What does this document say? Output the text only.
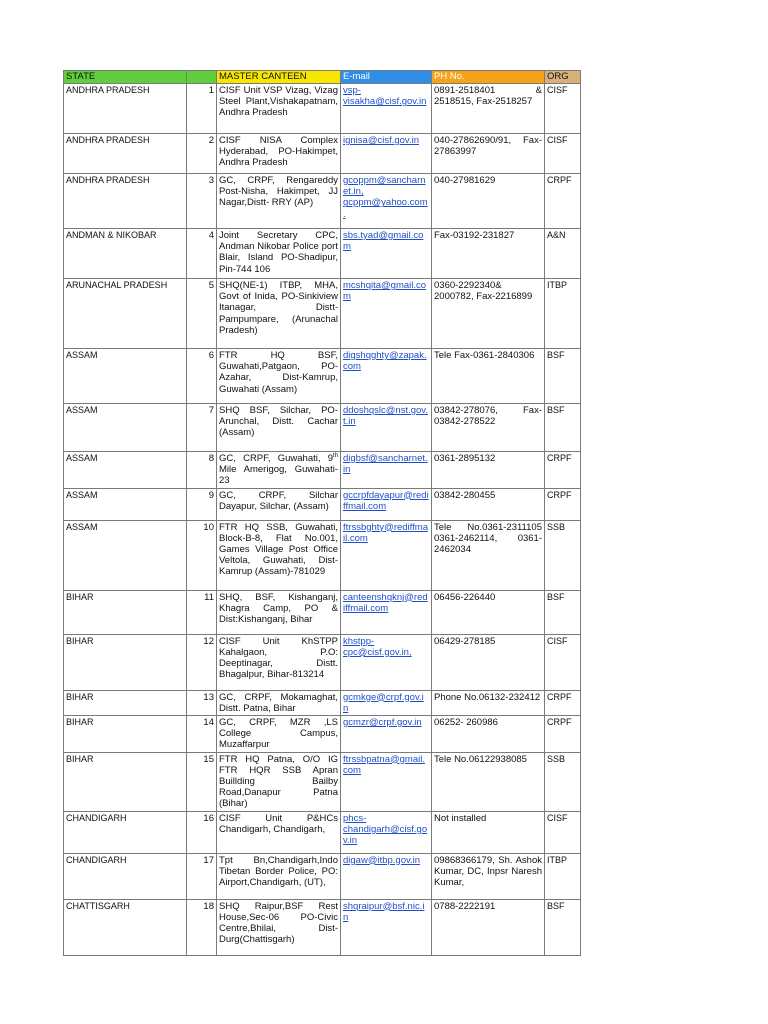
STATE		MASTER CANTEEN	E-mail	PH No.	ORG
ANDHRA PRADESH	1	CISF Unit VSP Vizag, Vizag Steel Plant,Vishakapatnam, Andhra Pradesh	vsp-visakha@cisf.gov.in	0891-2518401 & 2518515, Fax-2518257	CISF
ANDHRA PRADESH	2	CISF NISA Complex Hyderabad, PO-Hakimpet, Andhra Pradesh	ignisa@cisf.gov.in	040-27862690/91, Fax-27863997	CISF
ANDHRA PRADESH	3	GC, CRPF, Rengareddy Post-Nisha, Hakimpet, JJ Nagar,Distt- RRY (AP)	gcoppm@sancharnet.in, gcppm@yahoo.com.	040-27981629	CRPF
ANDMAN & NIKOBAR	4	Joint Secretary CPC, Andman Nikobar Police port Blair, Island PO-Shadipur, Pin-744 106	sbs.tyad@gmail.com	Fax-03192-231827	A&N
ARUNACHAL PRADESH	5	SHQ(NE-1) ITBP, MHA, Govt of Inida, PO-Sinkiview Itanagar, Distt- Pampumpare, (Arunachal Pradesh)	mcshqita@gmail.com	0360-2292340& 2000782, Fax-2216899	ITBP
ASSAM	6	FTR HQ BSF, Guwahati,Patgaon, PO-Azahar, Dist-Kamrup, Guwahati (Assam)	digshqghty@zapak.com	Tele Fax-0361-2840306	BSF
ASSAM	7	SHQ BSF, Silchar, PO-Arunchal, Distt. Cachar (Assam)	ddoshqslc@nst.gov.t.in	03842-278076, Fax-03842-278522	BSF
ASSAM	8	GC, CRPF, Guwahati, 9th Mile Amerigog, Guwahati-23	digbsf@sancharnet.in	0361-2895132	CRPF
ASSAM	9	GC, CRPF, Silchar Dayapur, Silchar, (Assam)	gccrpfdayapur@rediffmail.com	03842-280455	CRPF
ASSAM	10	FTR HQ SSB, Guwahati, Block-B-8, Flat No.001, Games Village Post Office Veltola, Guwahati, Dist- Kamrup (Assam)-781029	ftrssbghty@rediffmail.com	Tele No.0361-2311105 0361-2462114, 0361-2462034	SSB
BIHAR	11	SHQ, BSF, Kishanganj, Khagra Camp, PO & Dist:Kishanganj, Bihar	canteenshqknj@rediffmail.com	06456-226440	BSF
BIHAR	12	CISF Unit KhSTPP Kahalgaon, P.O: Deeptinagar, Distt. Bhagalpur, Bihar-813214	khstpp-cpc@cisf.gov.in,	06429-278185	CISF
BIHAR	13	GC, CRPF, Mokamaghat, Distt. Patna, Bihar	gcmkge@crpf.gov.in	Phone No.06132-232412	CRPF
BIHAR	14	GC, CRPF, MZR ,LS College Campus, Muzaffarpur	gcmzr@crpf.gov.in	06252- 260986	CRPF
BIHAR	15	FTR HQ Patna, O/O IG FTR HQR SSB Apran Buillding Bailby Road,Danapur Patna (Bihar)	ftrssbpatna@gmail.com	Tele No.06122938085	SSB
CHANDIGARH	16	CISF Unit P&HCs Chandigarh, Chandigarh,	phcs-chandigarh@cisf.gov.in	Not installed	CISF
CHANDIGARH	17	Tpt Bn,Chandigarh,Indo Tibetan Border Police, PO: Airport,Chandigarh, (UT),	digaw@itbp.gov.in	09868366179, Sh. Ashok Kumar, DC, Inpsr Naresh Kumar,	ITBP
CHATTISGARH	18	SHQ Raipur,BSF Rest House,Sec-06 PO-Civic Centre,Bhilai, Dist-Durg(Chattisgarh)	shqraipur@bsf.nic.in	0788-2222191	BSF
